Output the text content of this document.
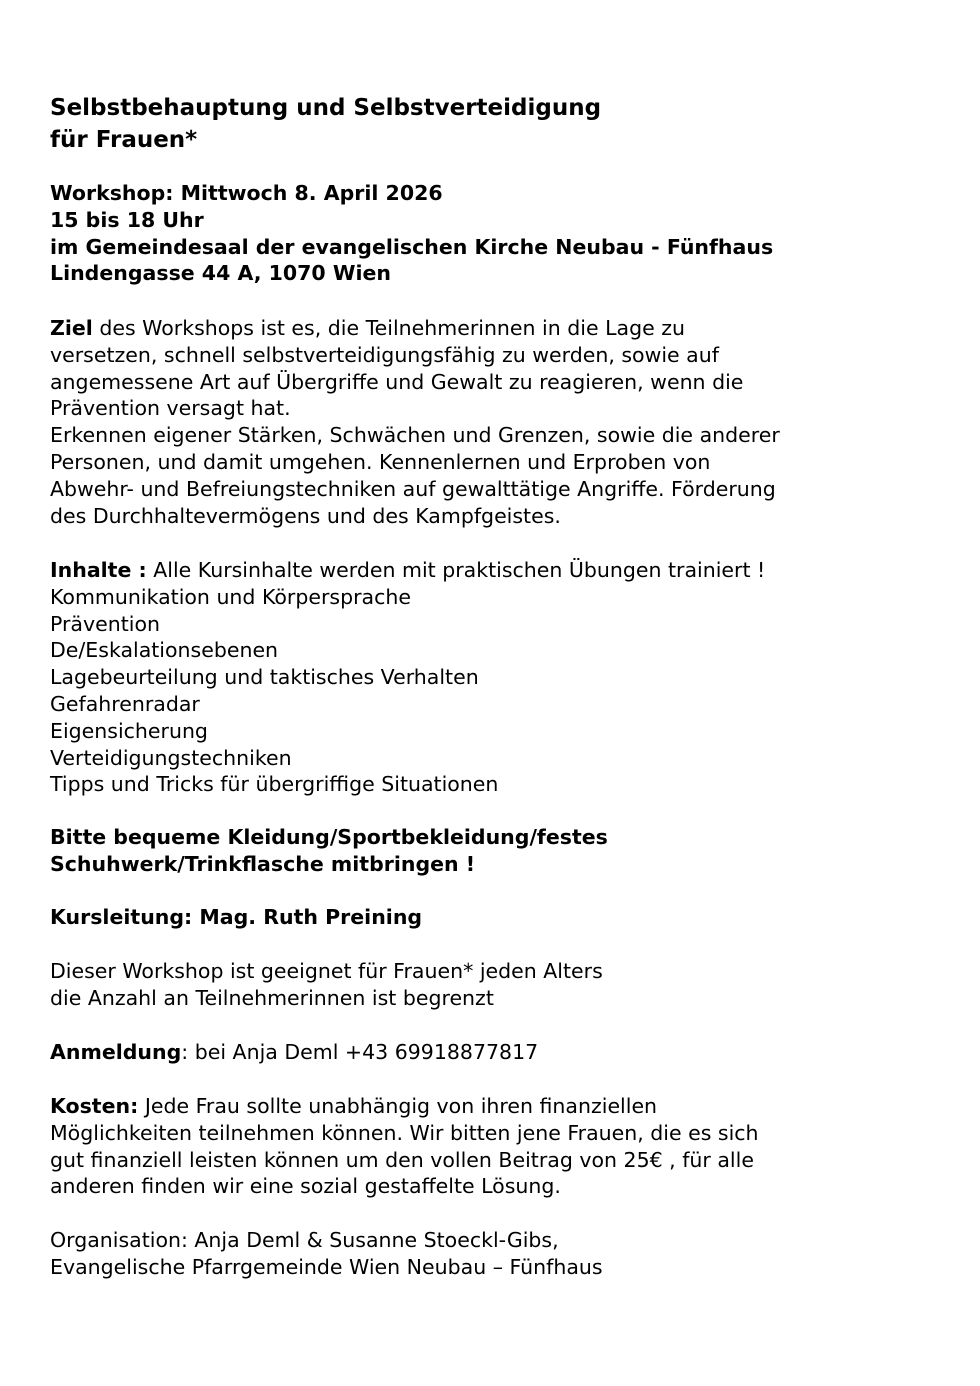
Selbstbehauptung und Selbstverteidigung
für Frauen*
Workshop: Mittwoch 8. April 2026
15 bis 18 Uhr
im Gemeindesaal der evangelischen Kirche Neubau - Fünfhaus
Lindengasse 44 A, 1070 Wien
Ziel des Workshops ist es, die Teilnehmerinnen in die Lage zu
versetzen, schnell selbstverteidigungsfähig zu werden, sowie auf
angemessene Art auf Übergriffe und Gewalt zu reagieren, wenn die
Prävention versagt hat.
Erkennen eigener Stärken, Schwächen und Grenzen, sowie die anderer
Personen, und damit umgehen. Kennenlernen und Erproben von
Abwehr- und Befreiungstechniken auf gewalttätige Angriffe. Förderung
des Durchhaltevermögens und des Kampfgeistes.
Inhalte : Alle Kursinhalte werden mit praktischen Übungen trainiert !
Kommunikation und Körpersprache
Prävention
De/Eskalationsebenen
Lagebeurteilung und taktisches Verhalten
Gefahrenradar
Eigensicherung
Verteidigungstechniken
Tipps und Tricks für übergriffige Situationen
Bitte bequeme Kleidung/Sportbekleidung/festes
Schuhwerk/Trinkflasche mitbringen !
Kursleitung: Mag. Ruth Preining
Dieser Workshop ist geeignet für Frauen* jeden Alters
die Anzahl an Teilnehmerinnen ist begrenzt
Anmeldung: bei Anja Deml +43 69918877817
Kosten: Jede Frau sollte unabhängig von ihren finanziellen
Möglichkeiten teilnehmen können. Wir bitten jene Frauen, die es sich
gut finanziell leisten können um den vollen Beitrag von 25€ , für alle
anderen finden wir eine sozial gestaffelte Lösung.
Organisation: Anja Deml & Susanne Stoeckl-Gibs,
Evangelische Pfarrgemeinde Wien Neubau – Fünfhaus
